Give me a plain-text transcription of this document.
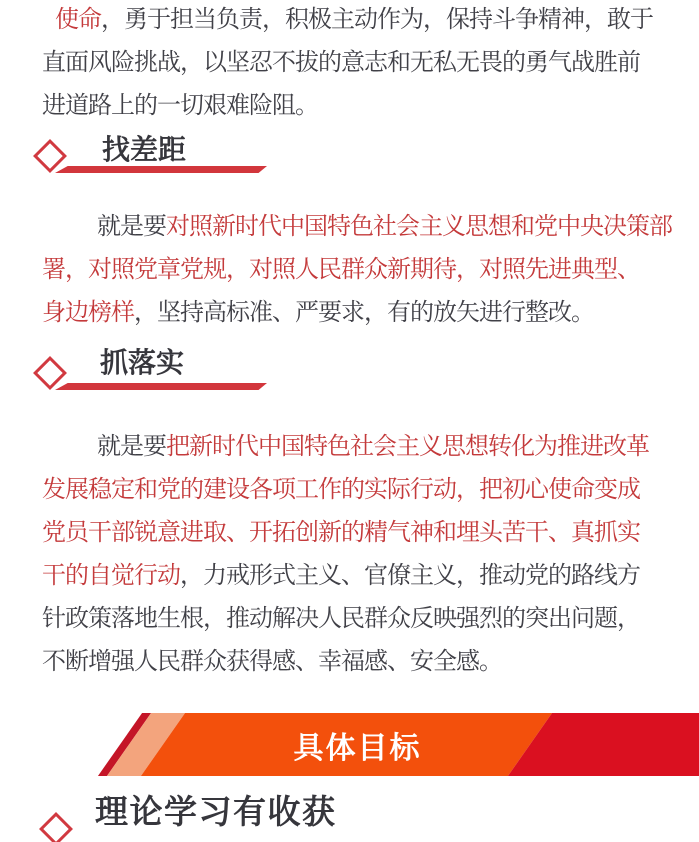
使命，勇于担当负责，积极主动作为，保持斗争精神，敢于
直面风险挑战，以坚忍不拔的意志和无私无畏的勇气战胜前
进道路上的一切艰难险阻。
找差距
就是要对照新时代中国特色社会主义思想和党中央决策部
署，对照党章党规，对照人民群众新期待，对照先进典型、
身边榜样，坚持高标准、严要求，有的放矢进行整改。
抓落实
就是要把新时代中国特色社会主义思想转化为推进改革
发展稳定和党的建设各项工作的实际行动，把初心使命变成
党员干部锐意进取、开拓创新的精气神和埋头苦干、真抓实
干的自觉行动，力戒形式主义、官僚主义，推动党的路线方
针政策落地生根，推动解决人民群众反映强烈的突出问题，
不断增强人民群众获得感、幸福感、安全感。
具体目标
理论学习有收获
